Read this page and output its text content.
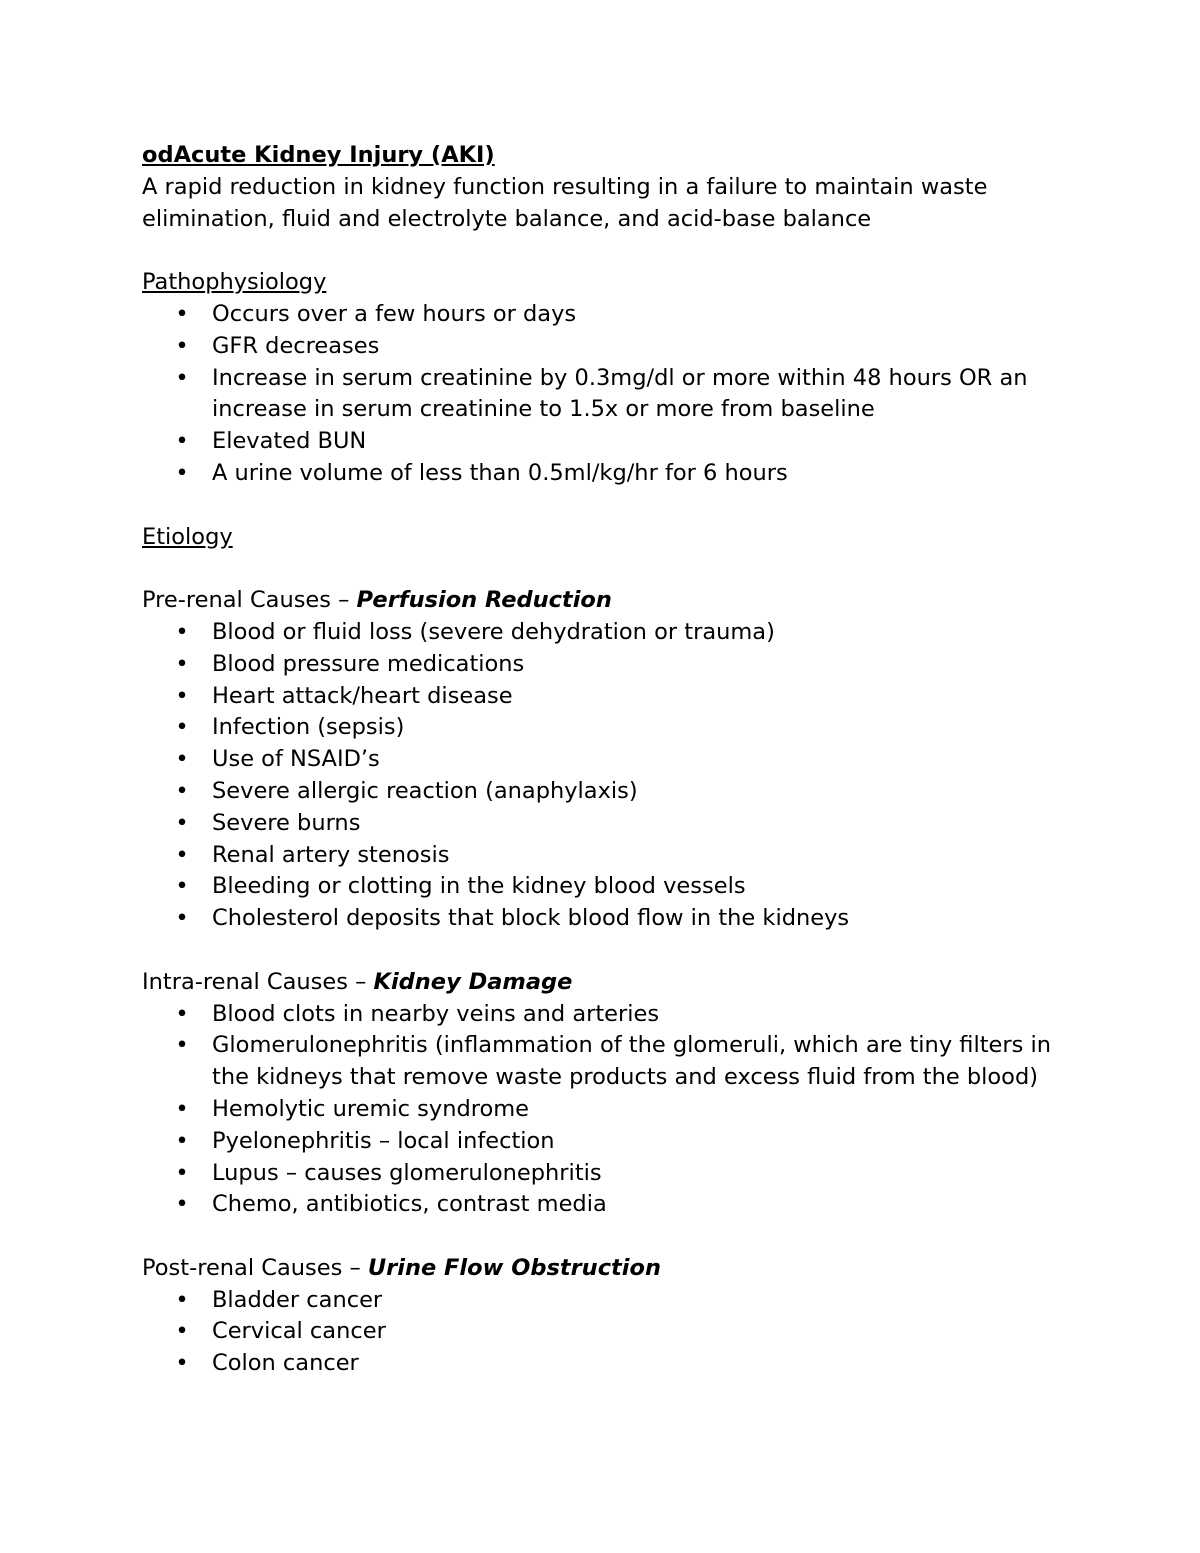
odAcute Kidney Injury (AKI)

A rapid reduction in kidney function resulting in a failure to maintain waste elimination, fluid and electrolyte balance, and acid-base balance

Pathophysiology

• Occurs over a few hours or days
• GFR decreases
• Increase in serum creatinine by 0.3mg/dl or more within 48 hours OR an increase in serum creatinine to 1.5x or more from baseline
• Elevated BUN
• A urine volume of less than 0.5ml/kg/hr for 6 hours

Etiology

Pre-renal Causes – Perfusion Reduction

• Blood or fluid loss (severe dehydration or trauma)
• Blood pressure medications
• Heart attack/heart disease
• Infection (sepsis)
• Use of NSAID’s
• Severe allergic reaction (anaphylaxis)
• Severe burns
• Renal artery stenosis
• Bleeding or clotting in the kidney blood vessels
• Cholesterol deposits that block blood flow in the kidneys

Intra-renal Causes – Kidney Damage

• Blood clots in nearby veins and arteries
• Glomerulonephritis (inflammation of the glomeruli, which are tiny filters in the kidneys that remove waste products and excess fluid from the blood)
• Hemolytic uremic syndrome
• Pyelonephritis – local infection
• Lupus – causes glomerulonephritis
• Chemo, antibiotics, contrast media

Post-renal Causes – Urine Flow Obstruction

• Bladder cancer
• Cervical cancer
• Colon cancer
